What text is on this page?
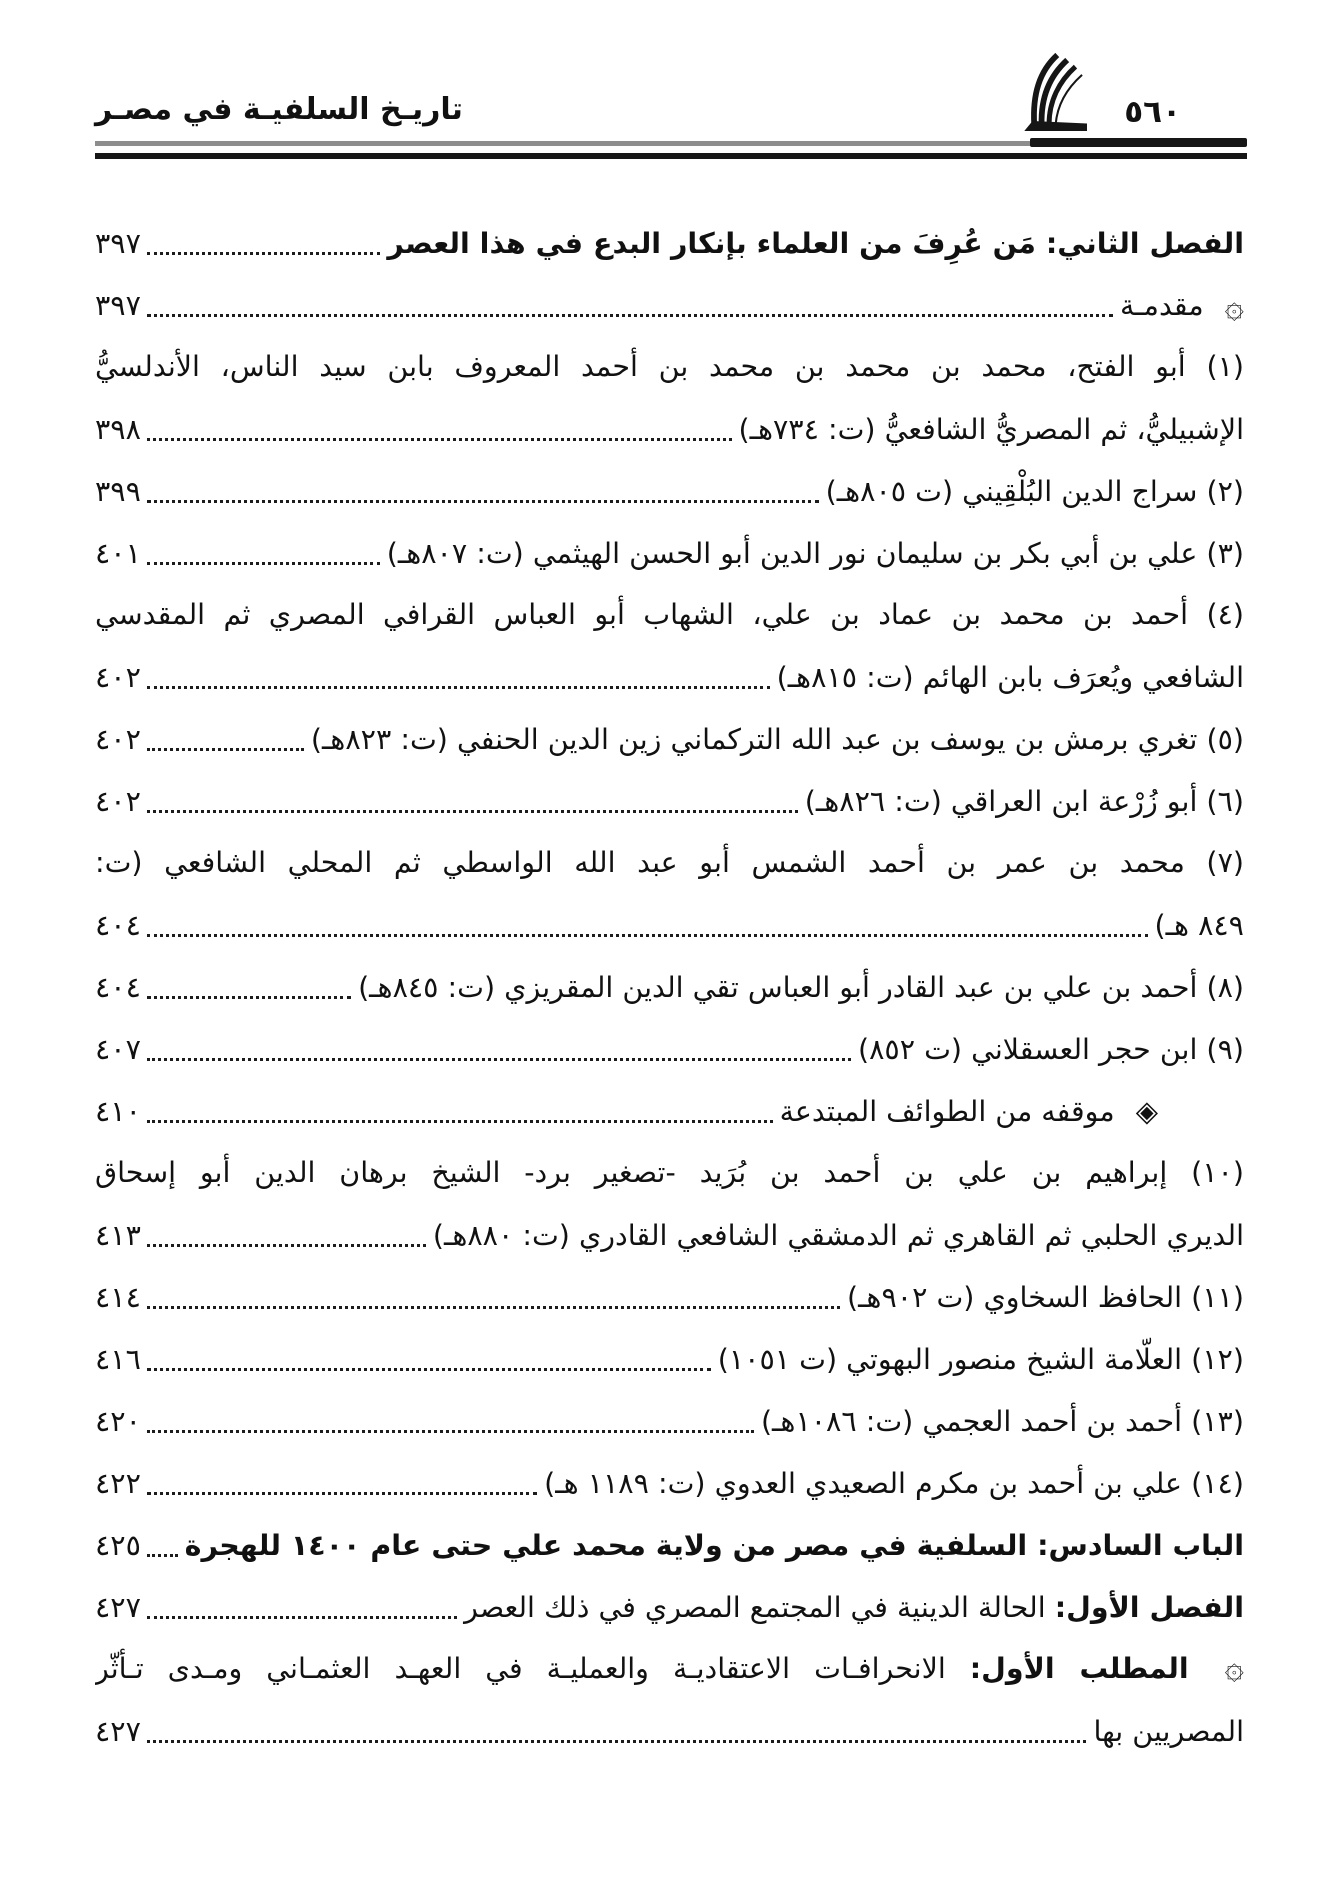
تاريـخ السلفيـة في مصـر	٥٦٠
الفصل الثاني: مَن عُرِفَ من العلماء بإنكار البدع في هذا العصر
٣٩٧
۞

مقدمـة
٣٩٧
(١) أبو الفتح، محمد بن محمد بن محمد بن أحمد المعروف بابن سيد الناس، الأندلسيُّ
الإشبيليُّ، ثم المصريُّ الشافعيُّ (ت: ٧٣٤هـ)
٣٩٨
(٢) سراج الدين البُلْقِيني (ت ٨٠٥هـ)
٣٩٩
(٣) علي بن أبي بكر بن سليمان نور الدين أبو الحسن الهيثمي (ت: ٨٠٧هـ)
٤٠١
(٤) أحمد بن محمد بن عماد بن علي، الشهاب أبو العباس القرافي المصري ثم المقدسي
الشافعي ويُعرَف بابن الهائم (ت: ٨١٥هـ)
٤٠٢
(٥) تغري برمش بن يوسف بن عبد الله التركماني زين الدين الحنفي (ت: ٨٢٣هـ)
٤٠٢
(٦) أبو زُرْعة ابن العراقي (ت: ٨٢٦هـ)
٤٠٢
(٧) محمد بن عمر بن أحمد الشمس أبو عبد الله الواسطي ثم المحلي الشافعي (ت:
٨٤٩ هـ)
٤٠٤
(٨) أحمد بن علي بن عبد القادر أبو العباس تقي الدين المقريزي (ت: ٨٤٥هـ)
٤٠٤
(٩) ابن حجر العسقلاني (ت ٨٥٢)
٤٠٧
◈

موقفه من الطوائف المبتدعة
٤١٠
(١٠) إبراهيم بن علي بن أحمد بن بُرَيد -تصغير برد- الشيخ برهان الدين أبو إسحاق
الديري الحلبي ثم القاهري ثم الدمشقي الشافعي القادري (ت: ٨٨٠هـ)
٤١٣
(١١) الحافظ السخاوي (ت ٩٠٢هـ)
٤١٤
(١٢) العلّامة الشيخ منصور البهوتي (ت ١٠٥١)
٤١٦
(١٣) أحمد بن أحمد العجمي (ت: ١٠٨٦هـ)
٤٢٠
(١٤) علي بن أحمد بن مكرم الصعيدي العدوي (ت: ١١٨٩ هـ)
٤٢٢
الباب السادس: السلفية في مصر من ولاية محمد علي حتى عام ١٤٠٠ للهجرة
٤٢٥
الفصل الأول:

الحالة الدينية في المجتمع المصري في ذلك العصر
٤٢٧
۞ المطلب الأول: الانحرافـات الاعتقاديـة والعمليـة في العهـد العثمـاني ومـدى تـأثّر
المصريين بها
٤٢٧
